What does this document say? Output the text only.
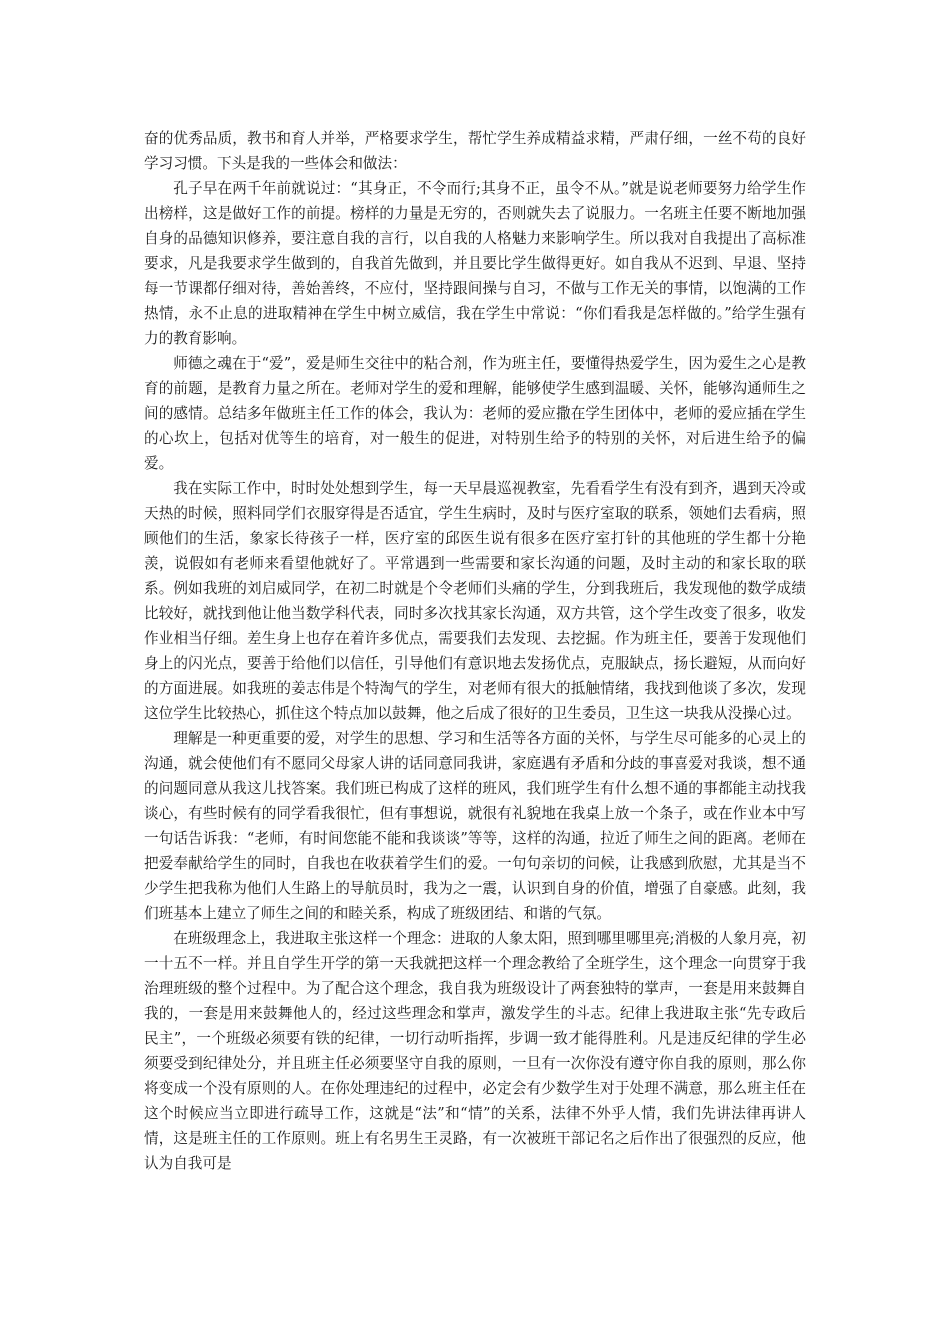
奋的优秀品质，教书和育人并举，严格要求学生，帮忙学生养成精益求精，严肃仔细，一丝不苟的良好学习习惯。下头是我的一些体会和做法：

孔子早在两千年前就说过：“其身正，不令而行;其身不正，虽令不从。”就是说老师要努力给学生作出榜样，这是做好工作的前提。榜样的力量是无穷的，否则就失去了说服力。一名班主任要不断地加强自身的品德知识修养，要注意自我的言行，以自我的人格魅力来影响学生。所以我对自我提出了高标准要求，凡是我要求学生做到的，自我首先做到，并且要比学生做得更好。如自我从不迟到、早退、坚持每一节课都仔细对待，善始善终，不应付，坚持跟间操与自习，不做与工作无关的事情，以饱满的工作热情，永不止息的进取精神在学生中树立威信，我在学生中常说：“你们看我是怎样做的。”给学生强有力的教育影响。

师德之魂在于“爱”，爱是师生交往中的粘合剂，作为班主任，要懂得热爱学生，因为爱生之心是教育的前题，是教育力量之所在。老师对学生的爱和理解，能够使学生感到温暖、关怀，能够沟通师生之间的感情。总结多年做班主任工作的体会，我认为：老师的爱应撒在学生团体中，老师的爱应插在学生的心坎上，包括对优等生的培育，对一般生的促进，对特别生给予的特别的关怀，对后进生给予的偏爱。

我在实际工作中，时时处处想到学生，每一天早晨巡视教室，先看看学生有没有到齐，遇到天冷或天热的时候，照料同学们衣服穿得是否适宜，学生生病时，及时与医疗室取的联系，领她们去看病，照顾他们的生活，象家长待孩子一样，医疗室的邱医生说有很多在医疗室打针的其他班的学生都十分艳羡，说假如有老师来看望他就好了。平常遇到一些需要和家长沟通的问题，及时主动的和家长取的联系。例如我班的刘启威同学，在初二时就是个令老师们头痛的学生，分到我班后，我发现他的数学成绩比较好，就找到他让他当数学科代表，同时多次找其家长沟通，双方共管，这个学生改变了很多，收发作业相当仔细。差生身上也存在着许多优点，需要我们去发现、去挖掘。作为班主任，要善于发现他们身上的闪光点，要善于给他们以信任，引导他们有意识地去发扬优点，克服缺点，扬长避短，从而向好的方面进展。如我班的姜志伟是个特淘气的学生，对老师有很大的抵触情绪，我找到他谈了多次，发现这位学生比较热心，抓住这个特点加以鼓舞，他之后成了很好的卫生委员，卫生这一块我从没操心过。

理解是一种更重要的爱，对学生的思想、学习和生活等各方面的关怀，与学生尽可能多的心灵上的沟通，就会使他们有不愿同父母家人讲的话同意同我讲，家庭遇有矛盾和分歧的事喜爱对我谈，想不通的问题同意从我这儿找答案。我们班已构成了这样的班风，我们班学生有什么想不通的事都能主动找我谈心，有些时候有的同学看我很忙，但有事想说，就很有礼貌地在我桌上放一个条子，或在作业本中写一句话告诉我：“老师，有时间您能不能和我谈谈”等等，这样的沟通，拉近了师生之间的距离。老师在把爱奉献给学生的同时，自我也在收获着学生们的爱。一句句亲切的问候，让我感到欣慰，尤其是当不少学生把我称为他们人生路上的导航员时，我为之一震，认识到自身的价值，增强了自豪感。此刻，我们班基本上建立了师生之间的和睦关系，构成了班级团结、和谐的气氛。

在班级理念上，我进取主张这样一个理念：进取的人象太阳，照到哪里哪里亮;消极的人象月亮，初一十五不一样。并且自学生开学的第一天我就把这样一个理念教给了全班学生，这个理念一向贯穿于我治理班级的整个过程中。为了配合这个理念，我自我为班级设计了两套独特的掌声，一套是用来鼓舞自我的，一套是用来鼓舞他人的，经过这些理念和掌声，激发学生的斗志。纪律上我进取主张“先专政后民主”，一个班级必须要有铁的纪律，一切行动听指挥，步调一致才能得胜利。凡是违反纪律的学生必须要受到纪律处分，并且班主任必须要坚守自我的原则，一旦有一次你没有遵守你自我的原则，那么你将变成一个没有原则的人。在你处理违纪的过程中，必定会有少数学生对于处理不满意，那么班主任在这个时候应当立即进行疏导工作，这就是“法”和“情”的关系，法律不外乎人情，我们先讲法律再讲人情，这是班主任的工作原则。班上有名男生王灵路，有一次被班干部记名之后作出了很强烈的反应，他认为自我可是
